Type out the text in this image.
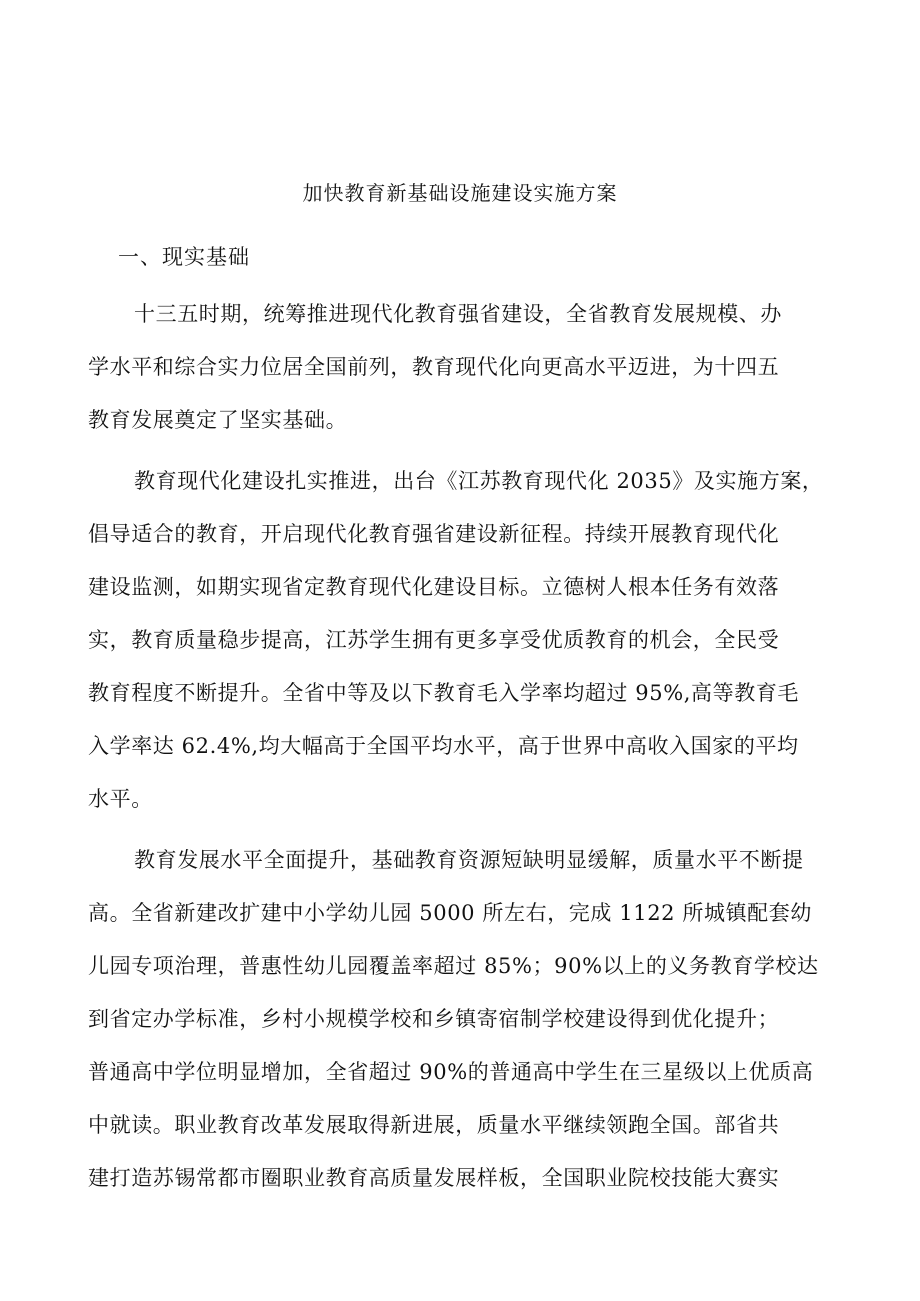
加快教育新基础设施建设实施方案
一、现实基础

十三五时期，统筹推进现代化教育强省建设，全省教育发展规模、办
学水平和综合实力位居全国前列，教育现代化向更高水平迈进，为十四五
教育发展奠定了坚实基础。

教育现代化建设扎实推进，出台《江苏教育现代化 2035》及实施方案，
倡导适合的教育，开启现代化教育强省建设新征程。持续开展教育现代化
建设监测，如期实现省定教育现代化建设目标。立德树人根本任务有效落
实，教育质量稳步提高，江苏学生拥有更多享受优质教育的机会，全民受
教育程度不断提升。全省中等及以下教育毛入学率均超过 95%,高等教育毛
入学率达 62.4%,均大幅高于全国平均水平，高于世界中高收入国家的平均
水平。

教育发展水平全面提升，基础教育资源短缺明显缓解，质量水平不断提
高。全省新建改扩建中小学幼儿园 5000 所左右，完成 1122 所城镇配套幼
儿园专项治理，普惠性幼儿园覆盖率超过 85%；90%以上的义务教育学校达
到省定办学标准，乡村小规模学校和乡镇寄宿制学校建设得到优化提升；
普通高中学位明显增加，全省超过 90%的普通高中学生在三星级以上优质高
中就读。职业教育改革发展取得新进展，质量水平继续领跑全国。部省共
建打造苏锡常都市圈职业教育高质量发展样板，全国职业院校技能大赛实
